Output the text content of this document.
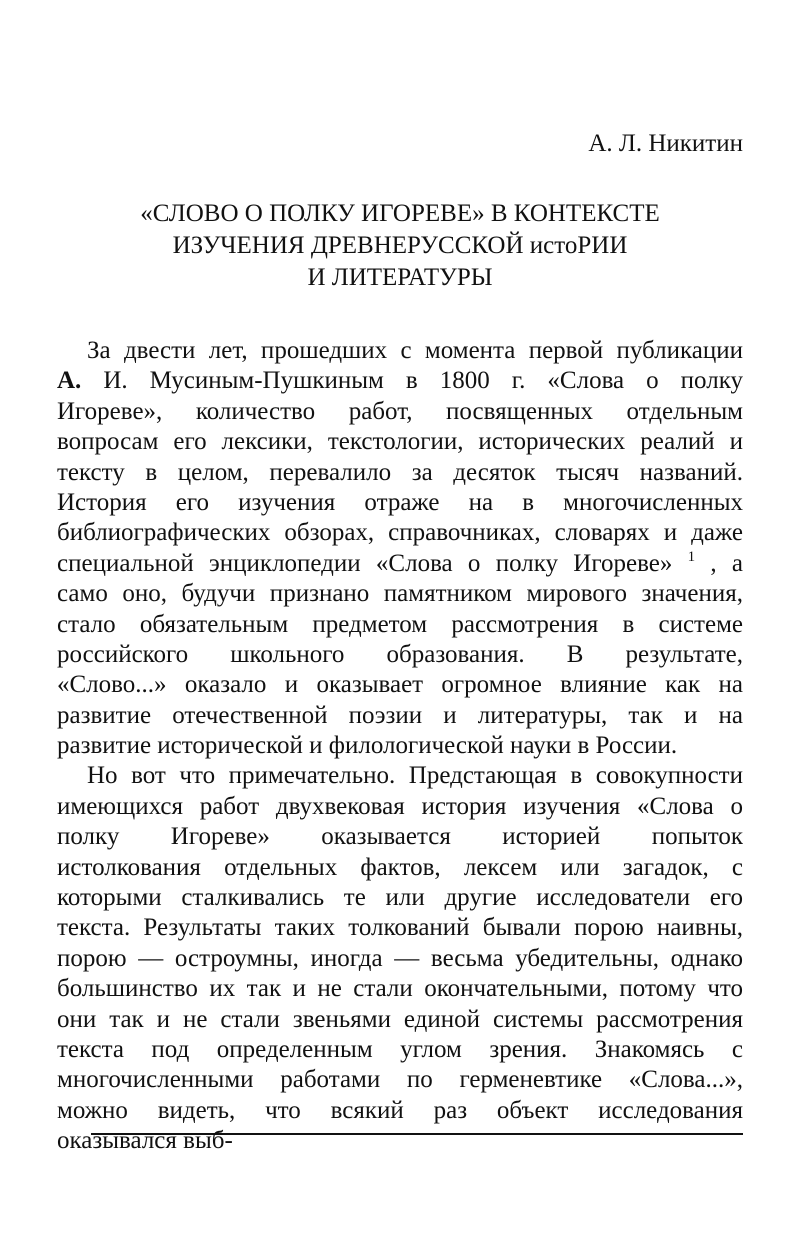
А. Л. Никитин
«СЛОВО О ПОЛКУ ИГОРЕВЕ» В КОНТЕКСТЕ
ИЗУЧЕНИЯ ДРЕВНЕРУССКОЙ истоРИИ
И ЛИТЕРАТУРЫ
За двести лет, прошедших с момента первой публикации
А. И. Мусиным-Пушкиным в 1800 г. «Слова о полку
Игореве», количество работ, посвященных отдельным
вопросам его лексики, текстологии, исторических реалий и
тексту в целом, перевалило за десяток тысяч названий.
История его изучения отраже на в многочисленных
библиографических обзорах, справочниках, словарях и даже
специальной энциклопедии «Слова о полку Игореве» $^1$ , а
само оно, будучи признано памятником мирового значения,
стало обязательным предметом рассмотрения в системе
российского школьного образования. В результате,
«Слово...» оказало и оказывает огромное влияние как на
развитие отечественной поэзии и литературы, так и на
развитие исторической и филологической науки в России.
Но вот что примечательно. Предстающая в совокупности
имеющихся работ двухвековая история изучения «Слова о
полку Игореве» оказывается историей попыток
истолкования отдельных фактов, лексем или загадок, с
которыми сталкивались те или другие исследователи его
текста. Результаты таких толкований бывали порою наивны,
порою — остроумны, иногда — весьма убедительны, однако
большинство их так и не стали окончательными, потому что
они так и не стали звеньями единой системы рассмотрения
текста под определенным углом зрения. Знакомясь с
многочисленными работами по герменевтике «Слова...»,
можно видеть, что всякий раз объект исследования
оказывался выб-
